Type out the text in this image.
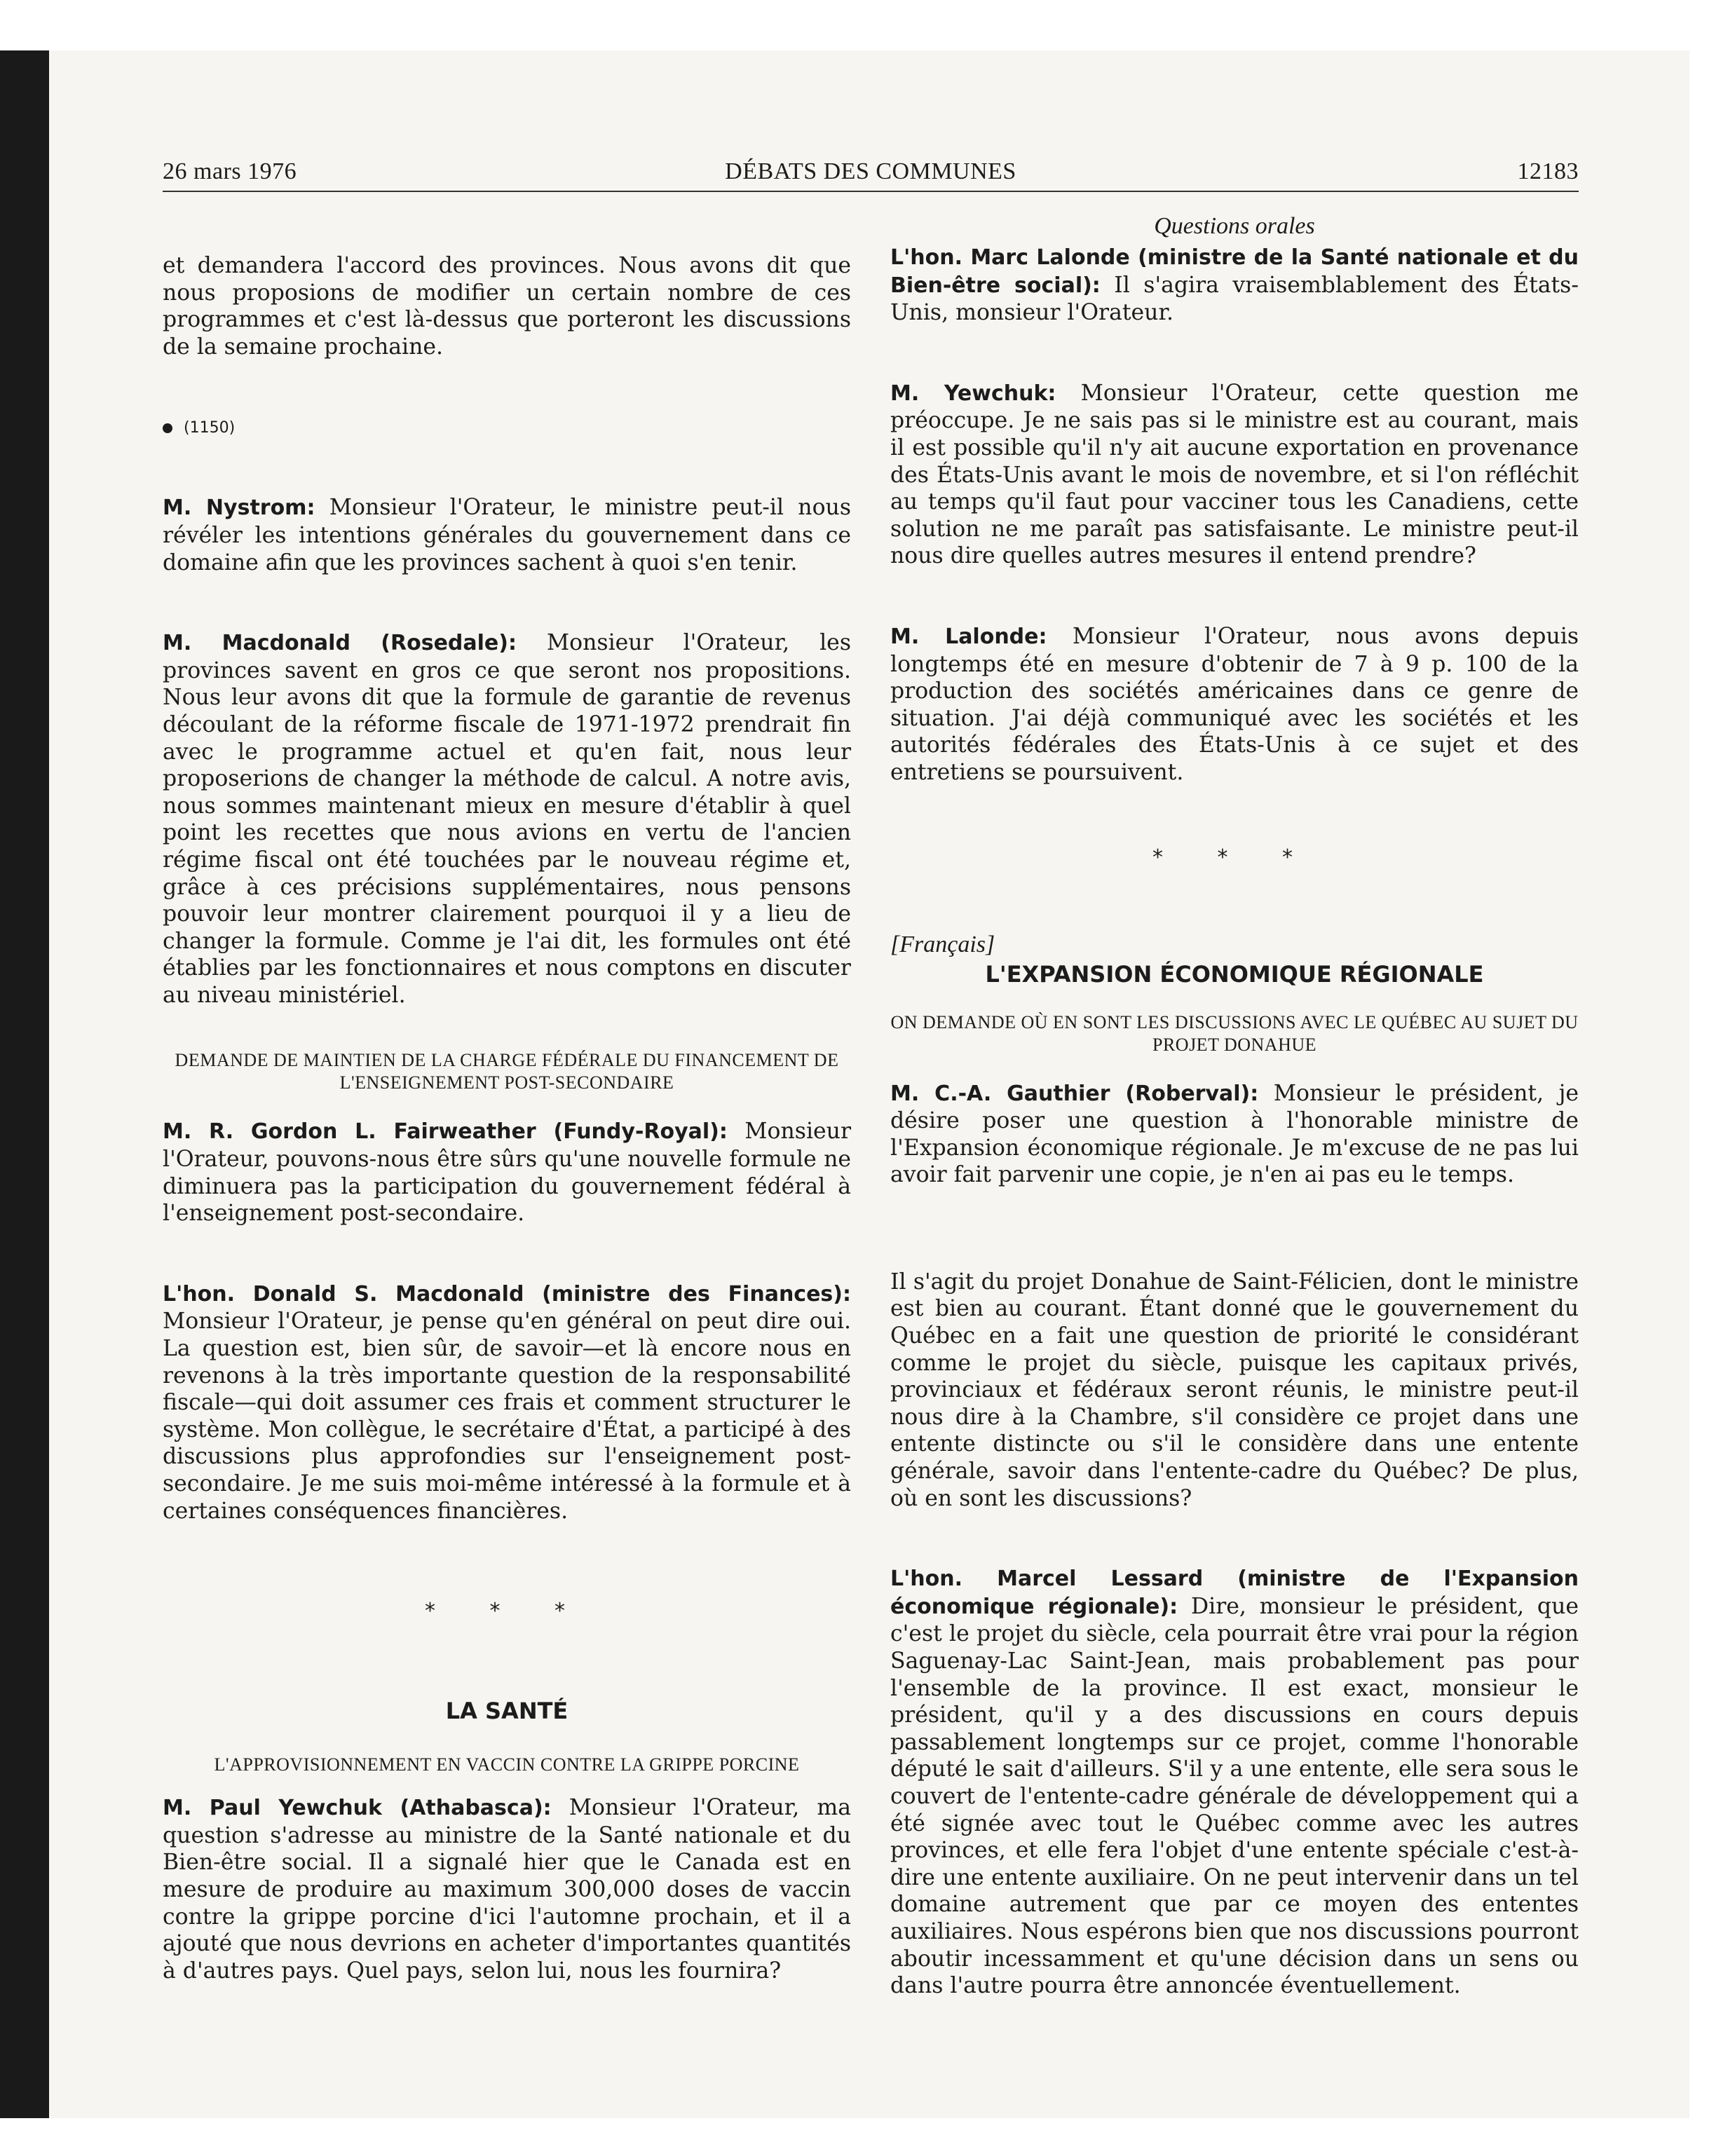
26 mars 1976	DÉBATS DES COMMUNES	12183

et demandera l'accord des provinces. Nous avons dit que nous proposions de modifier un certain nombre de ces programmes et c'est là-dessus que porteront les discussions de la semaine prochaine.

(1150)

M. Nystrom: Monsieur l'Orateur, le ministre peut-il nous révéler les intentions générales du gouvernement dans ce domaine afin que les provinces sachent à quoi s'en tenir.

M. Macdonald (Rosedale): Monsieur l'Orateur, les provinces savent en gros ce que seront nos propositions. Nous leur avons dit que la formule de garantie de revenus découlant de la réforme fiscale de 1971-1972 prendrait fin avec le programme actuel et qu'en fait, nous leur proposerions de changer la méthode de calcul. A notre avis, nous sommes maintenant mieux en mesure d'établir à quel point les recettes que nous avions en vertu de l'ancien régime fiscal ont été touchées par le nouveau régime et, grâce à ces précisions supplémentaires, nous pensons pouvoir leur montrer clairement pourquoi il y a lieu de changer la formule. Comme je l'ai dit, les formules ont été établies par les fonctionnaires et nous comptons en discuter au niveau ministériel.

DEMANDE DE MAINTIEN DE LA CHARGE FÉDÉRALE DU FINANCEMENT DE L'ENSEIGNEMENT POST-SECONDAIRE

M. R. Gordon L. Fairweather (Fundy-Royal): Monsieur l'Orateur, pouvons-nous être sûrs qu'une nouvelle formule ne diminuera pas la participation du gouvernement fédéral à l'enseignement post-secondaire.

L'hon. Donald S. Macdonald (ministre des Finances): Monsieur l'Orateur, je pense qu'en général on peut dire oui. La question est, bien sûr, de savoir—et là encore nous en revenons à la très importante question de la responsabilité fiscale—qui doit assumer ces frais et comment structurer le système. Mon collègue, le secrétaire d'État, a participé à des discussions plus approfondies sur l'enseignement post-secondaire. Je me suis moi-même intéressé à la formule et à certaines conséquences financières.

* * *
LA SANTÉ
L'APPROVISIONNEMENT EN VACCIN CONTRE LA GRIPPE PORCINE

M. Paul Yewchuk (Athabasca): Monsieur l'Orateur, ma question s'adresse au ministre de la Santé nationale et du Bien-être social. Il a signalé hier que le Canada est en mesure de produire au maximum 300,000 doses de vaccin contre la grippe porcine d'ici l'automne prochain, et il a ajouté que nous devrions en acheter d'importantes quantités à d'autres pays. Quel pays, selon lui, nous les fournira?

Questions orales

L'hon. Marc Lalonde (ministre de la Santé nationale et du Bien-être social): Il s'agira vraisemblablement des États-Unis, monsieur l'Orateur.

M. Yewchuk: Monsieur l'Orateur, cette question me préoccupe. Je ne sais pas si le ministre est au courant, mais il est possible qu'il n'y ait aucune exportation en provenance des États-Unis avant le mois de novembre, et si l'on réfléchit au temps qu'il faut pour vacciner tous les Canadiens, cette solution ne me paraît pas satisfaisante. Le ministre peut-il nous dire quelles autres mesures il entend prendre?

M. Lalonde: Monsieur l'Orateur, nous avons depuis longtemps été en mesure d'obtenir de 7 à 9 p. 100 de la production des sociétés américaines dans ce genre de situation. J'ai déjà communiqué avec les sociétés et les autorités fédérales des États-Unis à ce sujet et des entretiens se poursuivent.

* * *
[Français]
L'EXPANSION ÉCONOMIQUE RÉGIONALE
ON DEMANDE OÙ EN SONT LES DISCUSSIONS AVEC LE QUÉBEC AU SUJET DU PROJET DONAHUE

M. C.-A. Gauthier (Roberval): Monsieur le président, je désire poser une question à l'honorable ministre de l'Expansion économique régionale. Je m'excuse de ne pas lui avoir fait parvenir une copie, je n'en ai pas eu le temps.

Il s'agit du projet Donahue de Saint-Félicien, dont le ministre est bien au courant. Étant donné que le gouvernement du Québec en a fait une question de priorité le considérant comme le projet du siècle, puisque les capitaux privés, provinciaux et fédéraux seront réunis, le ministre peut-il nous dire à la Chambre, s'il considère ce projet dans une entente distincte ou s'il le considère dans une entente générale, savoir dans l'entente-cadre du Québec? De plus, où en sont les discussions?

L'hon. Marcel Lessard (ministre de l'Expansion économique régionale): Dire, monsieur le président, que c'est le projet du siècle, cela pourrait être vrai pour la région Saguenay-Lac Saint-Jean, mais probablement pas pour l'ensemble de la province. Il est exact, monsieur le président, qu'il y a des discussions en cours depuis passablement longtemps sur ce projet, comme l'honorable député le sait d'ailleurs. S'il y a une entente, elle sera sous le couvert de l'entente-cadre générale de développement qui a été signée avec tout le Québec comme avec les autres provinces, et elle fera l'objet d'une entente spéciale c'est-à-dire une entente auxiliaire. On ne peut intervenir dans un tel domaine autrement que par ce moyen des ententes auxiliaires. Nous espérons bien que nos discussions pourront aboutir incessamment et qu'une décision dans un sens ou dans l'autre pourra être annoncée éventuellement.
